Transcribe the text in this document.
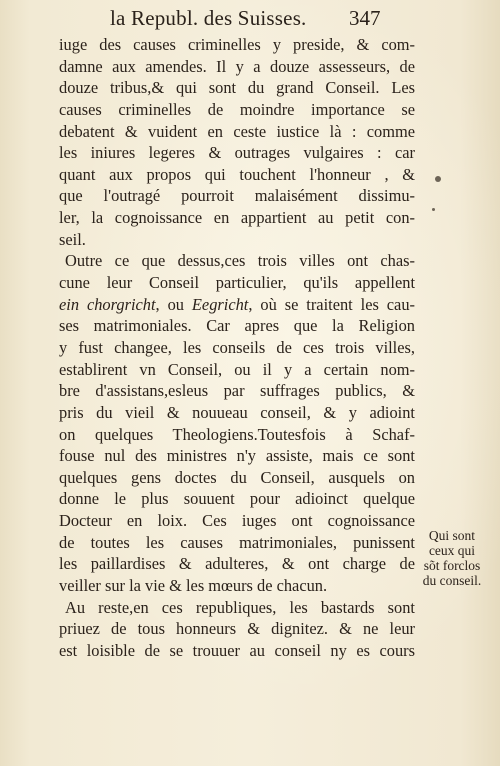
la Republ. des Suisses. 347
iuge des causes criminelles y preside, & com-
damne aux amendes. Il y a douze assesseurs, de
douze tribus,& qui sont du grand Conseil. Les
causes criminelles de moindre importance se
debatent & vuident en ceste iustice là : comme
les iniures legeres & outrages vulgaires : car
quant aux propos qui touchent l'honneur , &
que l'outragé pourroit malaisément dissimu-
ler, la cognoissance en appartient au petit con-
seil.
Outre ce que dessus,ces trois villes ont chas-
cune leur Conseil particulier, qu'ils appellent
ein chorgricht, ou Eegricht, où se traitent les cau-
ses matrimoniales. Car apres que la Religion
y fust changee, les conseils de ces trois villes,
establirent vn Conseil, ou il y a certain nom-
bre d'assistans,esleus par suffrages publics, &
pris du vieil & nouueau conseil, & y adioint
on quelques Theologiens.Toutesfois à Schaf-
fouse nul des ministres n'y assiste, mais ce sont
quelques gens doctes du Conseil, ausquels on
donne le plus souuent pour adioinct quelque
Docteur en loix. Ces iuges ont cognoissance
de toutes les causes matrimoniales, punissent
les paillardises & adulteres, & ont charge de
veiller sur la vie & les mœurs de chacun.
Au reste,en ces republiques, les bastards sont
priuez de tous honneurs & dignitez. & ne leur
est loisible de se trouuer au conseil ny es cours
Qui sont
ceux qui
sõt forclos
du conseil.
